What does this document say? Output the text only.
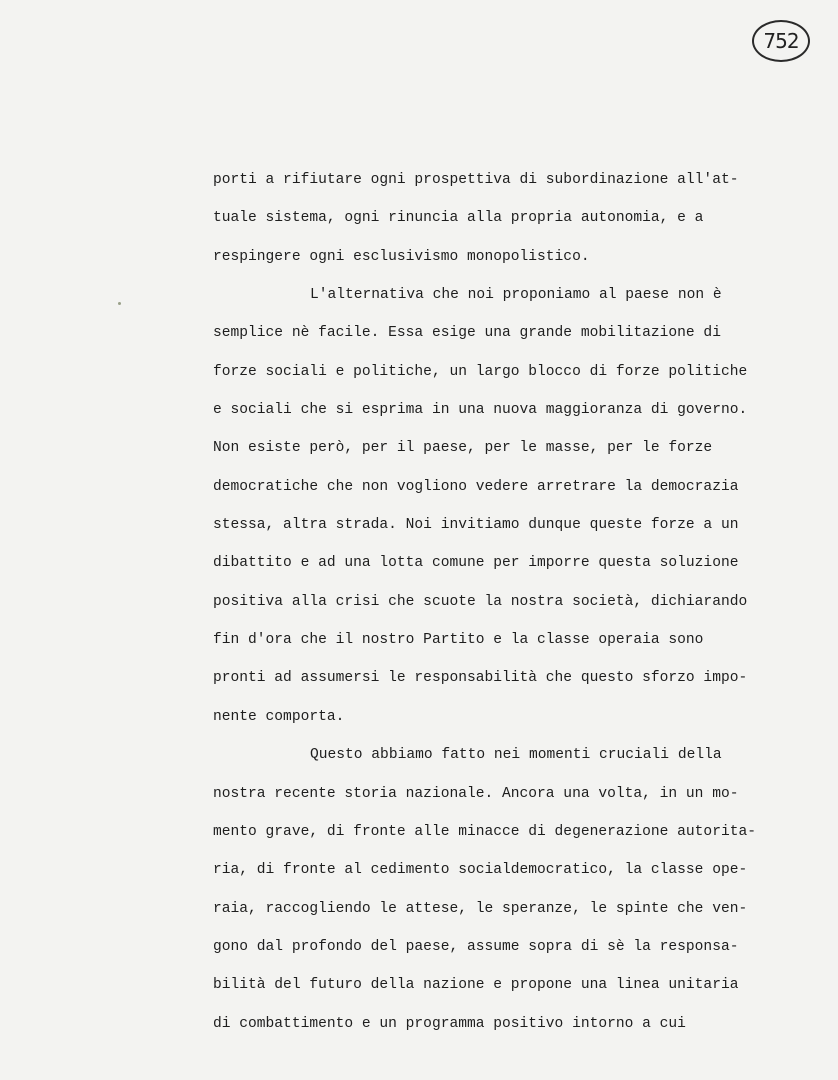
752
porti a rifiutare ogni prospettiva di subordinazione all'at-
tuale sistema, ogni rinuncia alla propria autonomia, e a
respingere ogni esclusivismo monopolistico.
L'alternativa che noi proponiamo al paese non è
semplice nè facile. Essa esige una grande mobilitazione di
forze sociali e politiche, un largo blocco di forze politiche
e sociali che si esprima in una nuova maggioranza di governo.
Non esiste però, per il paese, per le masse, per le forze
democratiche che non vogliono vedere arretrare la democrazia
stessa, altra strada. Noi invitiamo dunque queste forze a un
dibattito e ad una lotta comune per imporre questa soluzione
positiva alla crisi che scuote la nostra società, dichiarando
fin d'ora che il nostro Partito e la classe operaia sono
pronti ad assumersi le responsabilità che questo sforzo impo-
nente comporta.
Questo abbiamo fatto nei momenti cruciali della
nostra recente storia nazionale. Ancora una volta, in un mo-
mento grave, di fronte alle minacce di degenerazione autorita-
ria, di fronte al cedimento socialdemocratico, la classe ope-
raia, raccogliendo le attese, le speranze, le spinte che ven-
gono dal profondo del paese, assume sopra di sè la responsa-
bilità del futuro della nazione e propone una linea unitaria
di combattimento e un programma positivo intorno a cui
